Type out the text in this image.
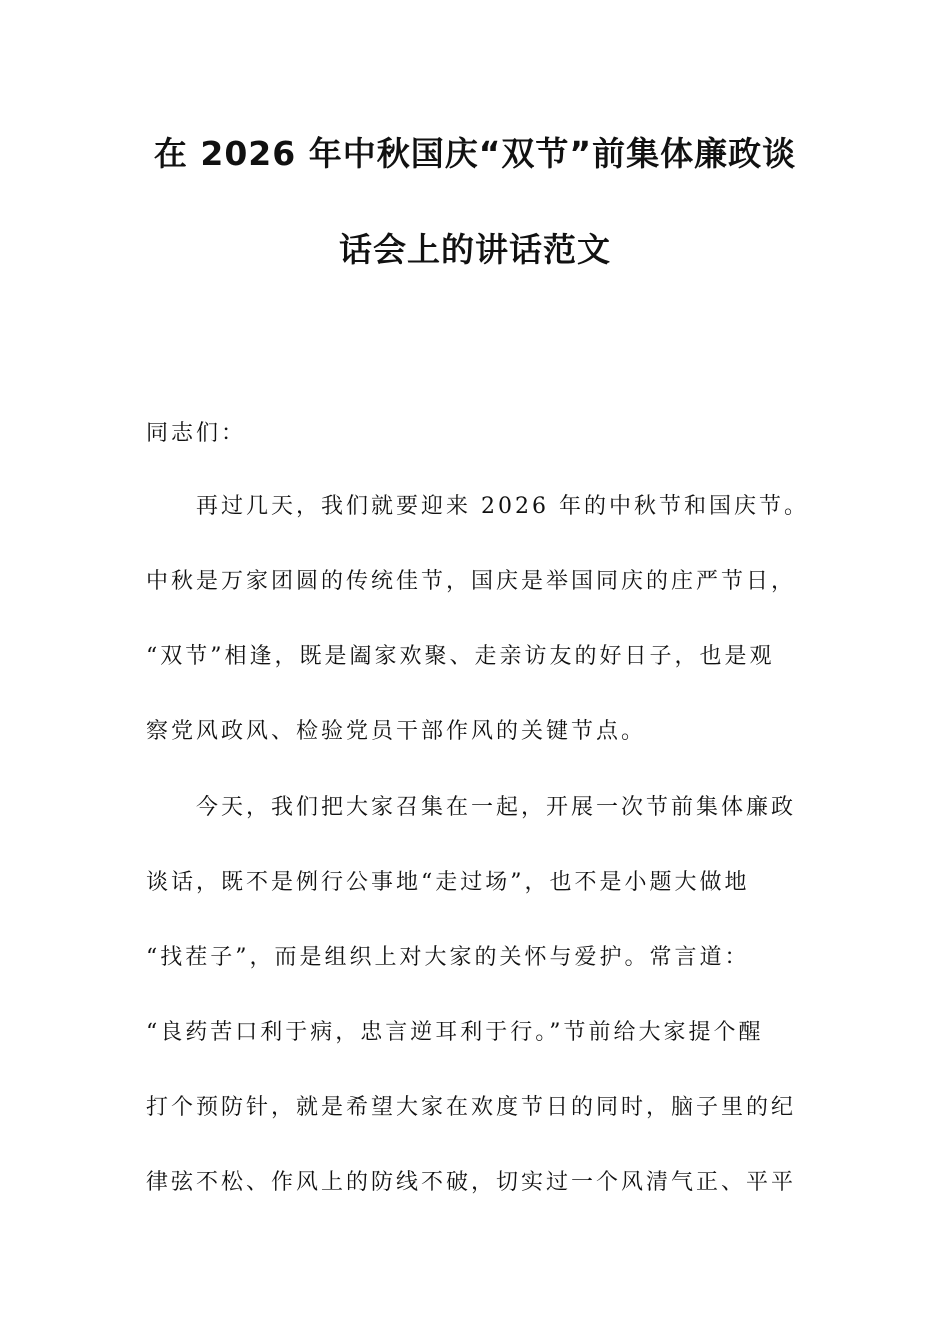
在 2026 年中秋国庆“双节”前集体廉政谈
话会上的讲话范文
同志们：
再过几天，我们就要迎来 2026 年的中秋节和国庆节。
中秋是万家团圆的传统佳节，国庆是举国同庆的庄严节日，
“双节”相逢，既是阖家欢聚、走亲访友的好日子，也是观
察党风政风、检验党员干部作风的关键节点。
今天，我们把大家召集在一起，开展一次节前集体廉政
谈话，既不是例行公事地“走过场”，也不是小题大做地
“找茬子”，而是组织上对大家的关怀与爱护。常言道：
“良药苦口利于病，忠言逆耳利于行。”节前给大家提个醒
打个预防针，就是希望大家在欢度节日的同时，脑子里的纪
律弦不松、作风上的防线不破，切实过一个风清气正、平平
